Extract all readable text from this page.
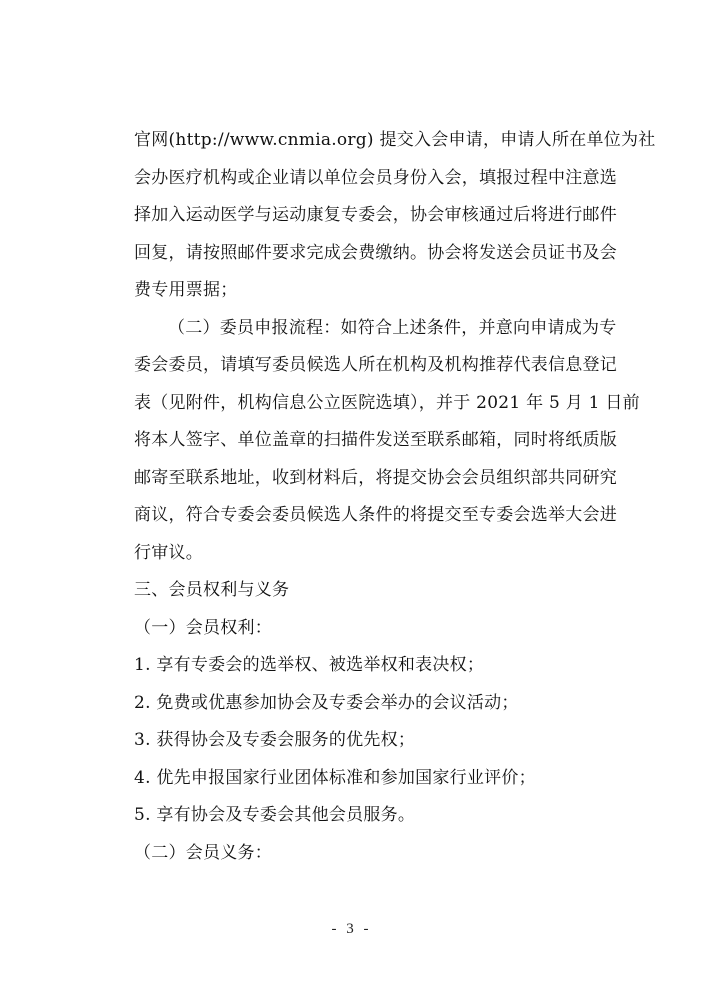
官网(http://www.cnmia.org) 提交入会申请，申请人所在单位为社
会办医疗机构或企业请以单位会员身份入会，填报过程中注意选
择加入运动医学与运动康复专委会，协会审核通过后将进行邮件
回复，请按照邮件要求完成会费缴纳。协会将发送会员证书及会
费专用票据；

（二）委员申报流程：如符合上述条件，并意向申请成为专
委会委员，请填写委员候选人所在机构及机构推荐代表信息登记
表（见附件，机构信息公立医院选填），并于 2021 年 5 月 1 日前
将本人签字、单位盖章的扫描件发送至联系邮箱，同时将纸质版
邮寄至联系地址，收到材料后，将提交协会会员组织部共同研究
商议，符合专委会委员候选人条件的将提交至专委会选举大会进
行审议。

三、会员权利与义务

（一）会员权利：
1. 享有专委会的选举权、被选举权和表决权；
2. 免费或优惠参加协会及专委会举办的会议活动；
3. 获得协会及专委会服务的优先权；
4. 优先申报国家行业团体标准和参加国家行业评价；
5. 享有协会及专委会其他会员服务。

（二）会员义务：

- 3 -
